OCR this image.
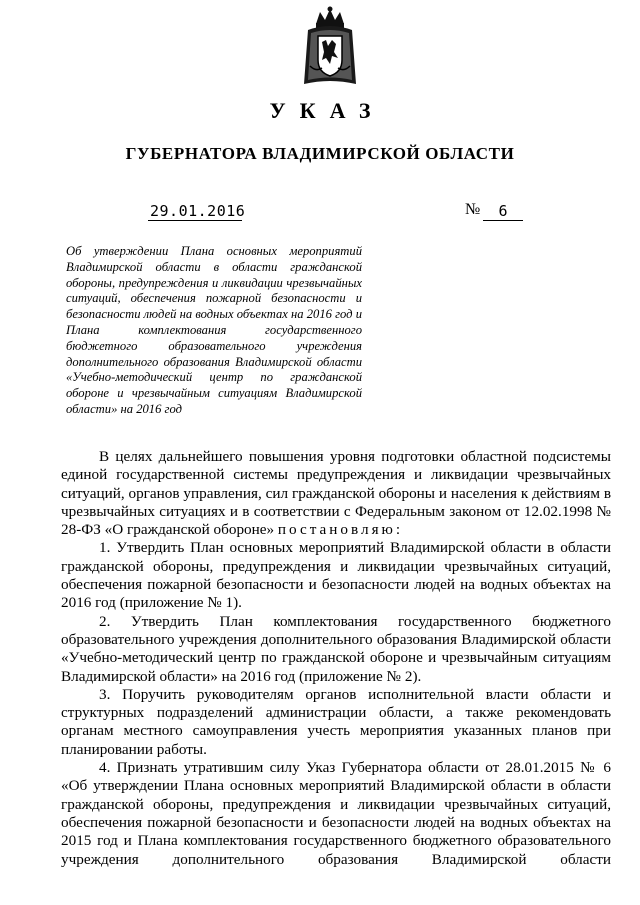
УКАЗ
ГУБЕРНАТОРА ВЛАДИМИРСКОЙ ОБЛАСТИ
29.01.2016	№	6
Об утверждении Плана основных мероприятий Владимирской области в области гражданской обороны, предупреждения и ликвидации чрезвычайных ситуаций, обеспечения пожарной безопасности и безопасности людей на водных объектах на 2016 год и Плана комплектования государственного бюджетного образовательного учреждения дополнительного образования Владимирской области «Учебно-методический центр по гражданской обороне и чрезвычайным ситуациям Владимирской области» на 2016 год

В целях дальнейшего повышения уровня подготовки областной подсистемы единой государственной системы предупреждения и ликвидации чрезвычайных ситуаций, органов управления, сил гражданской обороны и населения к действиям в чрезвычайных ситуациях и в соответствии с Федеральным законом от 12.02.1998 № 28-ФЗ «О гражданской обороне» постановляю:

1. Утвердить План основных мероприятий Владимирской области в области гражданской обороны, предупреждения и ликвидации чрезвычайных ситуаций, обеспечения пожарной безопасности и безопасности людей на водных объектах на 2016 год (приложение № 1).

2. Утвердить План комплектования государственного бюджетного образовательного учреждения дополнительного образования Владимирской области «Учебно-методический центр по гражданской обороне и чрезвычайным ситуациям Владимирской области» на 2016 год (приложение № 2).

3. Поручить руководителям органов исполнительной власти области и структурных подразделений администрации области, а также рекомендовать органам местного самоуправления учесть мероприятия указанных планов при планировании работы.

4. Признать утратившим силу Указ Губернатора области от 28.01.2015 № 6 «Об утверждении Плана основных мероприятий Владимирской области в области гражданской обороны, предупреждения и ликвидации чрезвычайных ситуаций, обеспечения пожарной безопасности и безопасности людей на водных объектах на 2015 год и Плана комплектования государственного бюджетного образовательного учреждения дополнительного образования Владимирской области
